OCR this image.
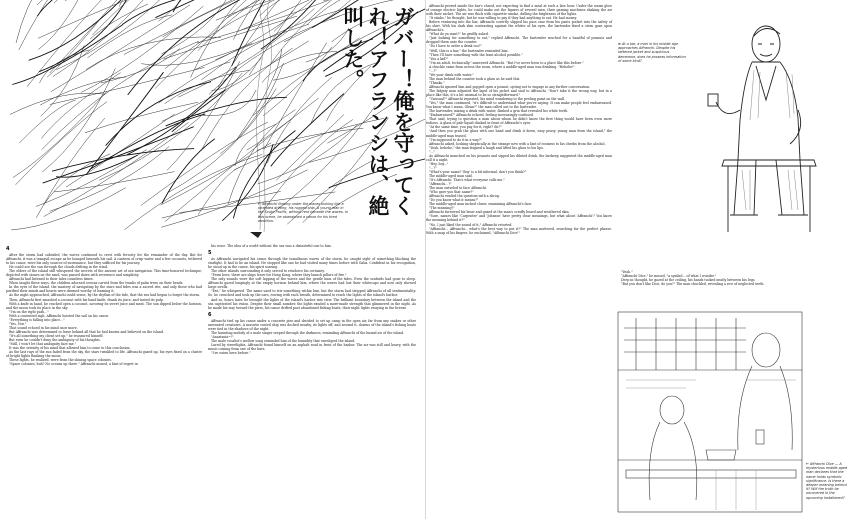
ガバー！俺を守ってくれ！アフランシは、絶叫した。
←Affranchi flowing under the waves looking like a stranded drifting, his rugged ship. A young man in the South Pacific, without rest beneath the waves. In this scene, he abandoned a canoe for his tired ambition.
4

After the storm had subsided, the waves continued to crest with ferocity for the remainder of the day. But for Affranchi, it was a tranquil escape as he lounged beneath his sail. A canteen of crisp water and a few coconuts, tethered to his canoe, were his only sources of sustenance, but they sufficed for his journey.

He could see the sun through the clouds drifting in the wind.

The elders of the island still whispered the secrets of the ancient art of sea navigation. This time-honored technique, depicted with stones on the sand, was passed down with reverence and simplicity.

Affranchi had listened to their tales countless times.

When taught these ways, the children adorned crowns carved from the trunks of palm trees on their heads.

In the eyes of the island, the mastery of navigating by the stars and tides was a sacred rite, and only those who had purified their minds and hearts were deemed worthy of learning it.

As the night approached, Affranchi could sense, by the rhythm of the tide, that the sea had begun to forget the storm.

Then, Affranchi first smashed a coconut with his hand knife, drank its juice, and tasted its pulp.

With a knife in hand, he cracked open a coconut, savoring its sweet juice and meat. The sun dipped below the horizon, and the moon took its place in the sky.

"I'm on the right path..."

With a contented sigh, Affranchi hoisted the sail on his canoe.

"Everything is falling into place..."

"Yes, Nor."

That sound echoed in his mind once more.

But Affranchi was determined to leave behind all that he had known and believed on the island.

"It's all something my client set up," he reassured himself.

But even he couldn't deny the ambiguity of his thoughts.

"Still, I won't let that ambiguity faze me."

It was the serenity of his mind that allowed him to come to this conclusion.

As the last rays of the sun faded from the sky, the stars twinkled to life. Affranchi gazed up, his eyes fixed on a cluster of bright lights flanking the moon.

These lights, he realized, were from the shining space colonies.

"Space colonies, huh? No oceans up there." Affranchi mused, a hint of regret in

his voice. The idea of a world without the sea was a distasteful one to him.

5

As Affranchi navigated his canoe through the tumultuous waves of the storm, he caught sight of something blocking the starlight. It had to be an island. He stopped like one he had visited many times before with Gaba. Confident in his recognition, he stood up in the canoe, his spirit soaring.

The other islands surrounding it only served to reinforce his certainty.

"From here, there are ships leave for Hong Kong, where they launch pillars of fire."

The only sounds were the soft lapping of the waves and the gentle hum of the tides. Even the seabirds had gone to sleep. Affranchi gazed longingly at the empty horizon behind him, where the waves had lost their whitecaps and now only showed large swells.

"Ees," he whispered. The name used to stir something within him, but the storm had stripped Affranchi of all sentimentality. So, he crouched and took up the oars, rowing with each breath, determined to reach the lights of the island's harbor.

And so, hours later, he brought the lights of the island's harbor into view. The brilliant boundary between the island and the sea captivated his vision. Despite their small number, the lights exuded a more-made strength that glimmered in the night. As he made his way toward the piers, his canoe drifted past abandoned fishing boats, their night lights swaying in the breeze.

6

Affranchi tied up his canoe under a concrete pier and decided to set up camp in the open air, far from any snakes or other unwanted creatures. A massive rusted ship was docked nearby, its lights off, and around it, dozens of the island's fishing boats were tied in the shadows of the night.

The haunting melody of a male singer seeped through the darkness, reminding Affranchi of the humid air of the island.

"Anastasia~!"

The male vocalist's mellow song reminded him of the humidity that enveloped the island.

Lured by streetlights, Affranchi found himself on an asphalt road in front of the harbor. The air was still and heavy, with the music coming from one of the bars.

"I've eaten here before."

Affranchi peered inside the bar's closed, not expecting to find a meal at such a late hour. Under the warm glow of orange electric lights, he could make out the figures of several men, their gaming machines shaking the air with their racket. The air was thick with cigarette smoke, dulling the brightness of the lights.

"It stinks," he thought, but he was willing to pay if they had anything to eat. He had money.

Before venturing into the bar, Affranchi covertly slipped his pass case from his pants pocket into the safety of his shirt. With his dark skin contrasting against the whites of his eyes, the bartender fixed a stern gaze upon Affranchi's.

"What do ya want?" he gruffly asked.

"Just looking for something to eat," replied Affranchi. The bartender reached for a handful of peanuts and dropped them onto the counter.

"Do I have to order a drink too?"

"Well, this is a bar," the bartender reminded him.

"Then I'll have something with the least alcohol possible."

"You a kid?"

"I'm an adult, technically," answered Affranchi. "But I've never been to a place like this before."

A chuckle came from across the room, where a middle-aged man was drinking. "Hehehe!"

"...?"

"We your drink with water."

The man behind the counter took a glass as he said this.

"Thanks."

Affranchi ignored him and popped open a peanut, opting not to engage in any further conversation.

The fidgety man adjusted the lapel of his jacket and said to Affranchi, "Don't take it the wrong way, but in a place like this, it's a bit unusual to be so straightforward."

"Unusual?" Affranchi repeated, his mind wandering to the peeling paint on the wall.

"Yes," the man continued, "it's difficult to understand what you're saying. It can make people feel embarrassed. You know what I mean, Glenn?" the man called out to the bartender.

The bartender, mixing a drink with water, flashed a grin that revealed his white teeth.

"Embarrassed?" Affranchi echoed, feeling increasingly confused.

That said, trying to question a man about whom he didn't know the first thing would have been even more tedious. A glass of pale liquid clinked in front of Affranchi's eyes.

"At the same time, you pay for it, right? Sir?"

"And then you grab the glass with one hand and drink it down, easy peasy, young man from the island," the middle-aged man teased.

"I'm supposed to do it in a way?"

Affranchi asked, looking skeptically at the strange new with a hint of rosiness to his cheeks from the alcohol.

"Yeah, hehehe," the man feigned a laugh and lifted his glass to his lips.

"..."

As Affranchi munched on his peanuts and sipped his diluted drink, the barkeep suggested the middle-aged man call it a night.

"Hey, boy..."

"...?"

"What's your name? 'Boy' is a bit informal, don't you think?"

The middle-aged man said.

"It's Affranchi. That's what everyone calls me."

"Affranchi...?"

The man swiveled to face Affranchi.

"Who gave you that name?"

Affranchi evaded the question with a shrug.

"Do you know what it means?"

The middle-aged man inched closer, examining Affranchi's face.

"The meaning?"

Affranchi furrowed his brow and gazed at the man's scruffy beard and weathered skin.

"Sure, names like 'Carpenter' and 'Johnson' have pretty clear meanings, but what about 'Affranchi'? You know the meaning behind it?"

"No, I just liked the sound of it," Affranchi retorted.

"Affranchi... Affranchi... what's the best way to put it?" The man muttered, searching for the perfect phrase. With a snap of his fingers, he exclaimed, "Affranchi Dice!"

➡At a bar, a man in his middle age approaches Affranchi. Despite his tattered jacket and suspicious demeanor, does he possess information of some kind?

"Yeah."

"Affranchi Dice," he mused, "a symbol... of what I wonder."

Deep in thought, he gazed at the ceiling, his hands tucked neatly between his legs.

"But you don't like Dice, do you?" The man chuckled, revealing a row of neglected teeth.

←Affranchi Dice — A mysterious middle-aged man declares that the name holds symbolic significance. Is there a deeper meaning behind it? Will the truth be uncovered in the upcoming installment?
